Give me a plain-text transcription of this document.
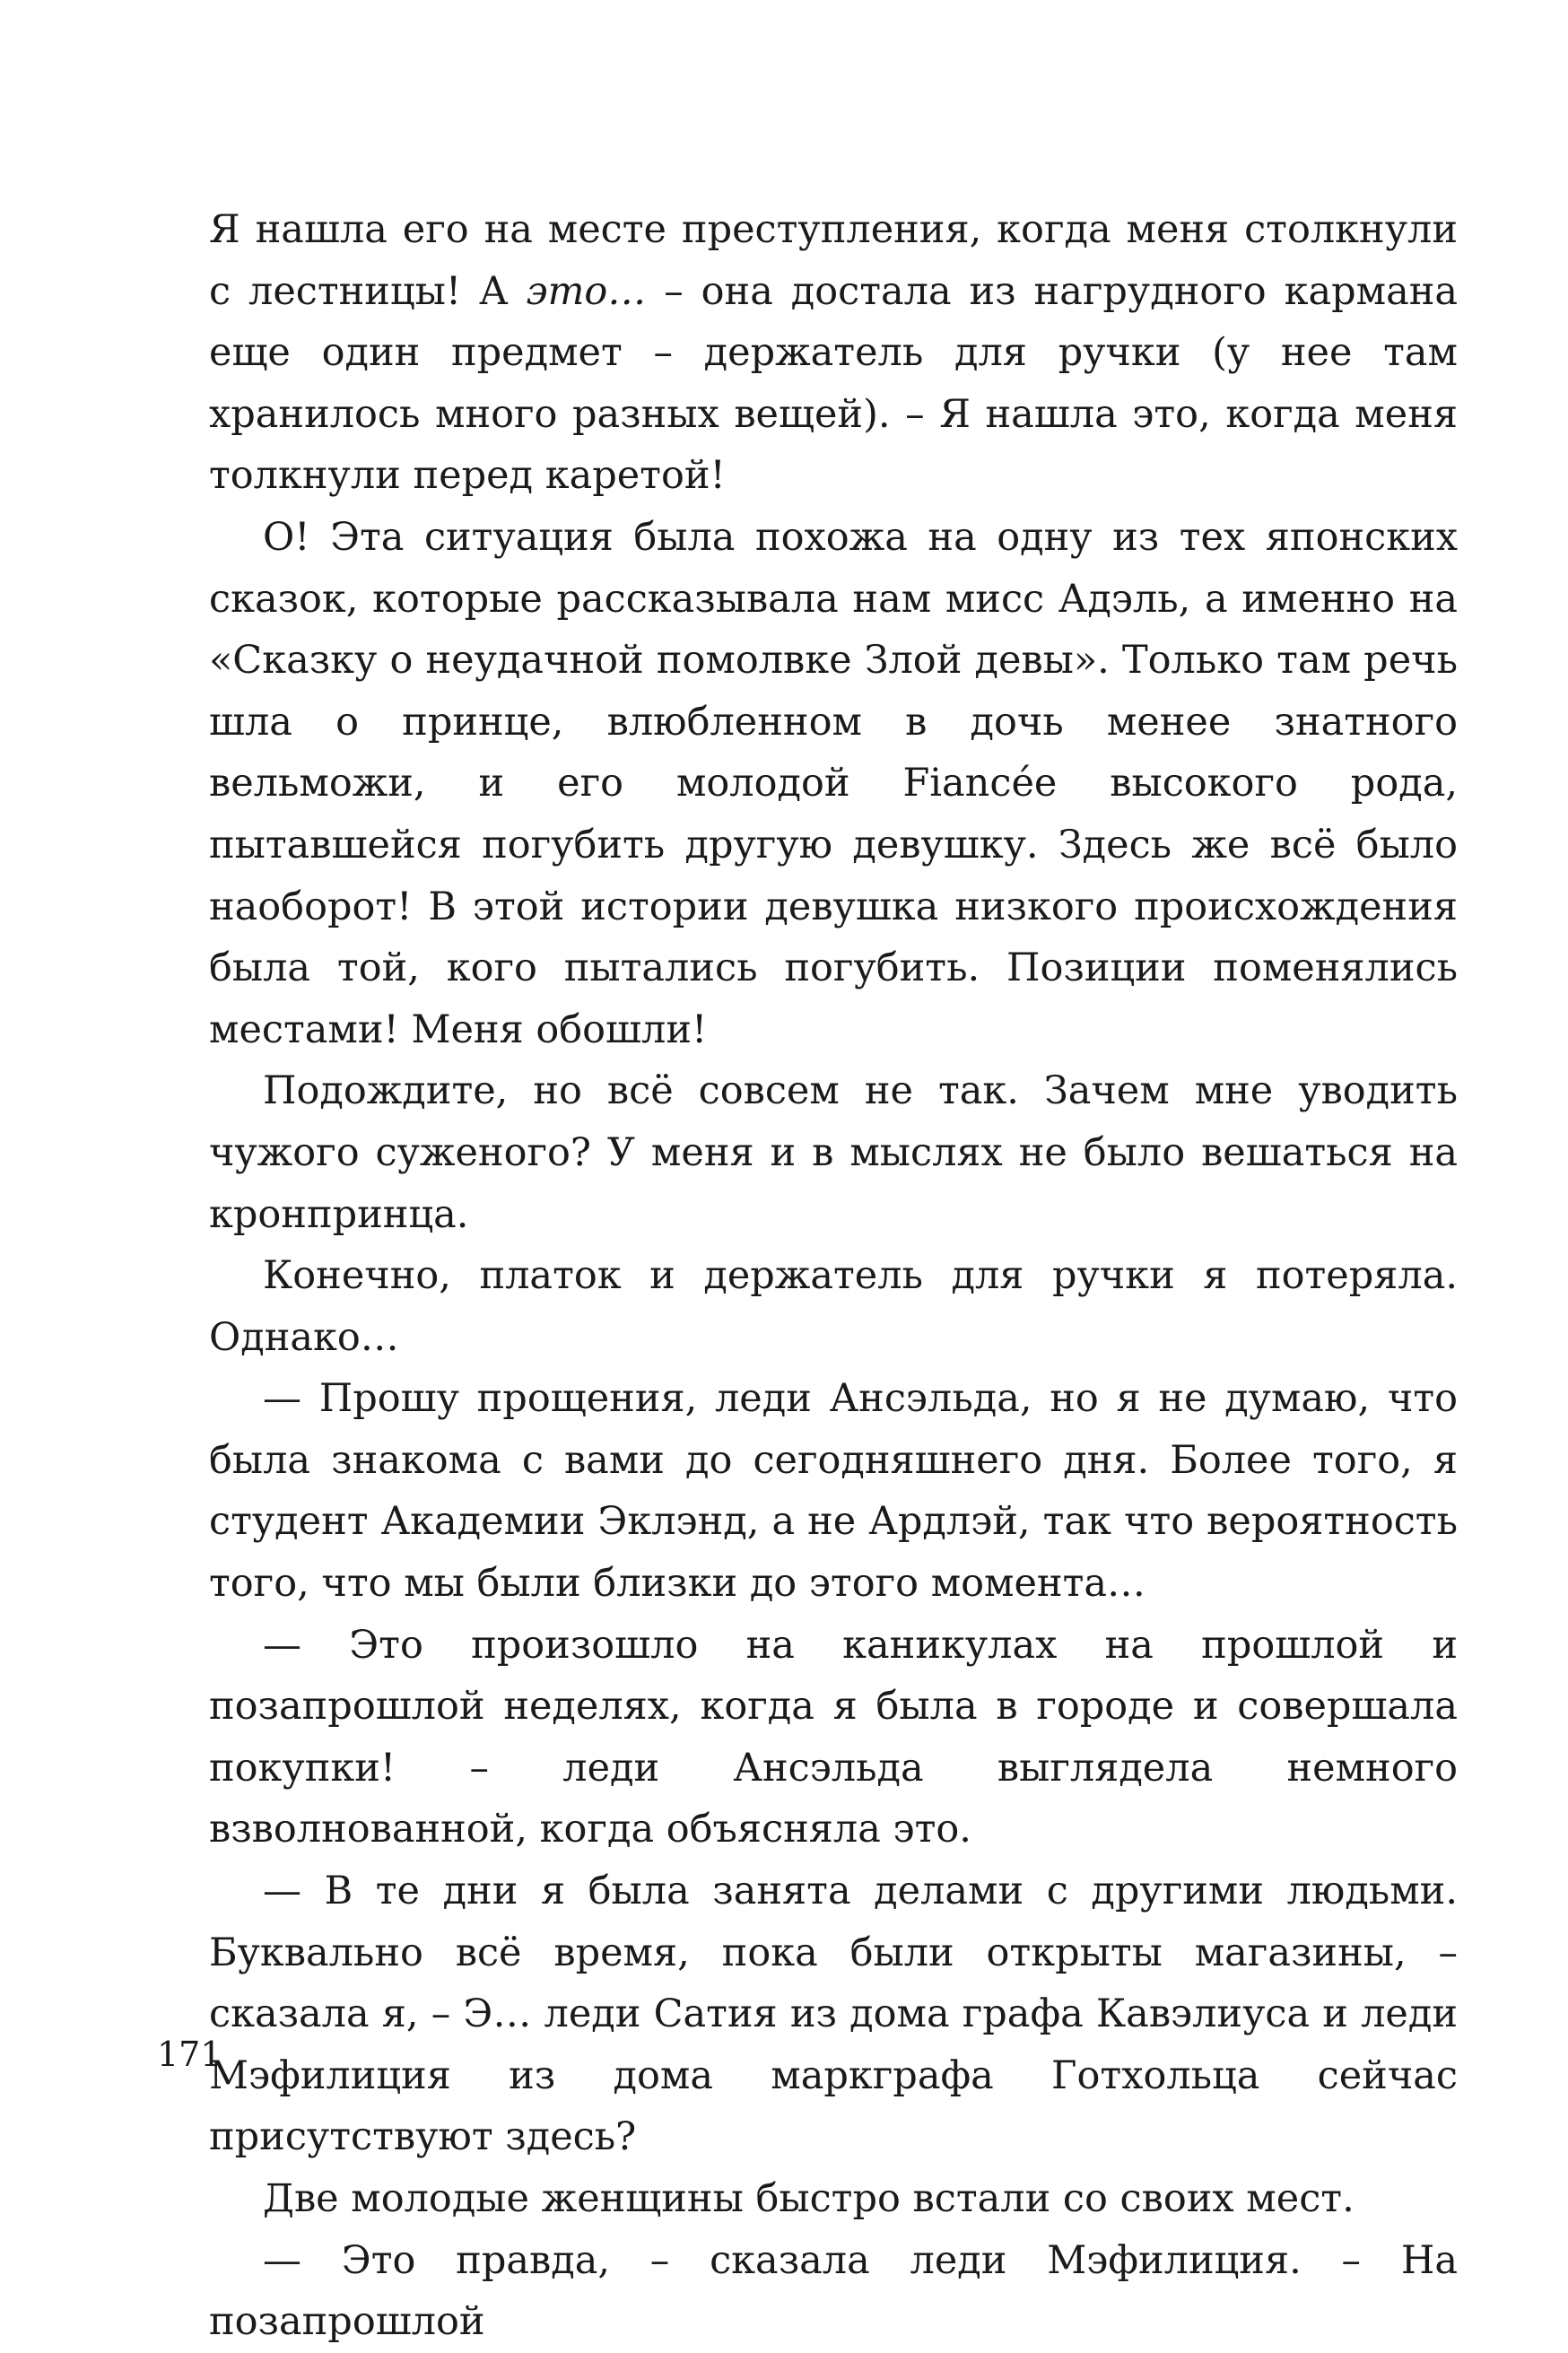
Я нашла его на месте преступления, когда меня столкнули с лестницы! А это… – она достала из нагрудного кармана еще один предмет – держатель для ручки (у нее там хранилось много разных вещей). – Я нашла это, когда меня толкнули перед каретой!

О! Эта ситуация была похожа на одну из тех японских сказок, которые рассказывала нам мисс Адэль, а именно на «Сказку о неудачной помолвке Злой девы». Только там речь шла о принце, влюбленном в дочь менее знатного вельможи, и его молодой Fiancée высокого рода, пытавшейся погубить другую девушку. Здесь же всё было наоборот! В этой истории девушка низкого происхождения была той, кого пытались погубить. Позиции поменялись местами! Меня обошли!

Подождите, но всё совсем не так. Зачем мне уводить чужого суженого? У меня и в мыслях не было вешаться на кронпринца.

Конечно, платок и держатель для ручки я потеряла. Однако…

— Прошу прощения, леди Ансэльда, но я не думаю, что была знакома с вами до сегодняшнего дня. Более того, я студент Академии Эклэнд, а не Ардлэй, так что вероятность того, что мы были близки до этого момента…

— Это произошло на каникулах на прошлой и позапрошлой неделях, когда я была в городе и совершала покупки! – леди Ансэльда выглядела немного взволнованной, когда объясняла это.

— В те дни я была занята делами с другими людьми. Буквально всё время, пока были открыты магазины, – сказала я, – Э… леди Сатия из дома графа Кавэлиуса и леди Мэфилиция из дома маркграфа Готхольца сейчас присутствуют здесь?

Две молодые женщины быстро встали со своих мест.

— Это правда, – сказала леди Мэфилиция. – На позапрошлой

171
